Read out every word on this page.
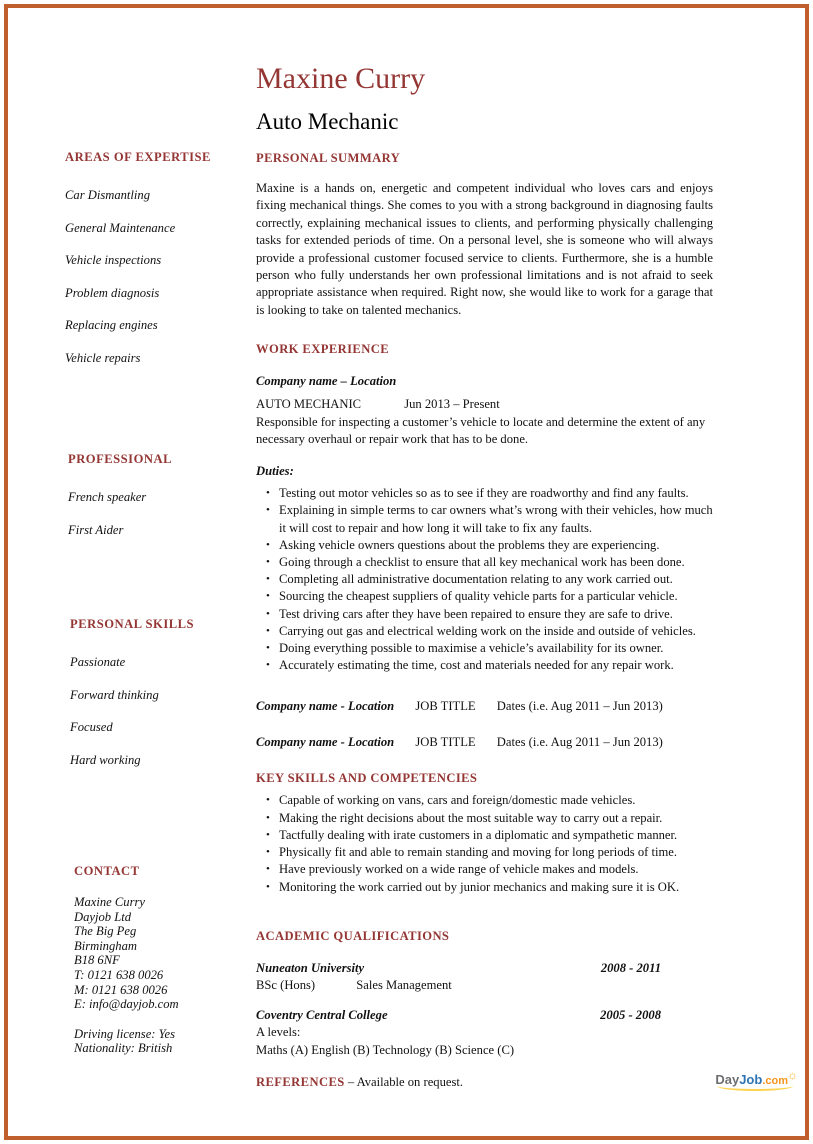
AREAS OF EXPERTISE
Car Dismantling
General Maintenance
Vehicle inspections
Problem diagnosis
Replacing engines
Vehicle repairs
PROFESSIONAL
French speaker
First Aider
PERSONAL SKILLS
Passionate
Forward thinking
Focused
Hard working
CONTACT
Maxine Curry
Dayjob Ltd
The Big Peg
Birmingham
B18 6NF
T: 0121 638 0026
M: 0121 638 0026
E: info@dayjob.com
Driving license: Yes
Nationality: British
Maxine Curry
Auto Mechanic
PERSONAL SUMMARY

Maxine is a hands on, energetic and competent individual who loves cars and enjoys fixing mechanical things. She comes to you with a strong background in diagnosing faults correctly, explaining mechanical issues to clients, and performing physically challenging tasks for extended periods of time. On a personal level, she is someone who will always provide a professional customer focused service to clients. Furthermore, she is a humble person who fully understands her own professional limitations and is not afraid to seek appropriate assistance when required. Right now, she would like to work for a garage that is looking to take on talented mechanics.

WORK EXPERIENCE
Company name – Location
AUTO MECHANIC	Jun 2013 – Present

Responsible for inspecting a customer’s vehicle to locate and determine the extent of any necessary overhaul or repair work that has to be done.

Duties:
• Testing out motor vehicles so as to see if they are roadworthy and find any faults.
• Explaining in simple terms to car owners what’s wrong with their vehicles, how much it will cost to repair and how long it will take to fix any faults.
• Asking vehicle owners questions about the problems they are experiencing.
• Going through a checklist to ensure that all key mechanical work has been done.
• Completing all administrative documentation relating to any work carried out.
• Sourcing the cheapest suppliers of quality vehicle parts for a particular vehicle.
• Test driving cars after they have been repaired to ensure they are safe to drive.
• Carrying out gas and electrical welding work on the inside and outside of vehicles.
• Doing everything possible to maximise a vehicle’s availability for its owner.
• Accurately estimating the time, cost and materials needed for any repair work.
Company name - Location JOB TITLE Dates (i.e. Aug 2011 – Jun 2013)
Company name - Location JOB TITLE Dates (i.e. Aug 2011 – Jun 2013)
KEY SKILLS AND COMPETENCIES
• Capable of working on vans, cars and foreign/domestic made vehicles.
• Making the right decisions about the most suitable way to carry out a repair.
• Tactfully dealing with irate customers in a diplomatic and sympathetic manner.
• Physically fit and able to remain standing and moving for long periods of time.
• Have previously worked on a wide range of vehicle makes and models.
• Monitoring the work carried out by junior mechanics and making sure it is OK.
ACADEMIC QUALIFICATIONS
Nuneaton University	2008 - 2011
BSc (Hons)	Sales Management
Coventry Central College	2005 - 2008
A levels:
Maths (A) English (B) Technology (B) Science (C)
REFERENCES – Available on request.	DayJob.com☼
